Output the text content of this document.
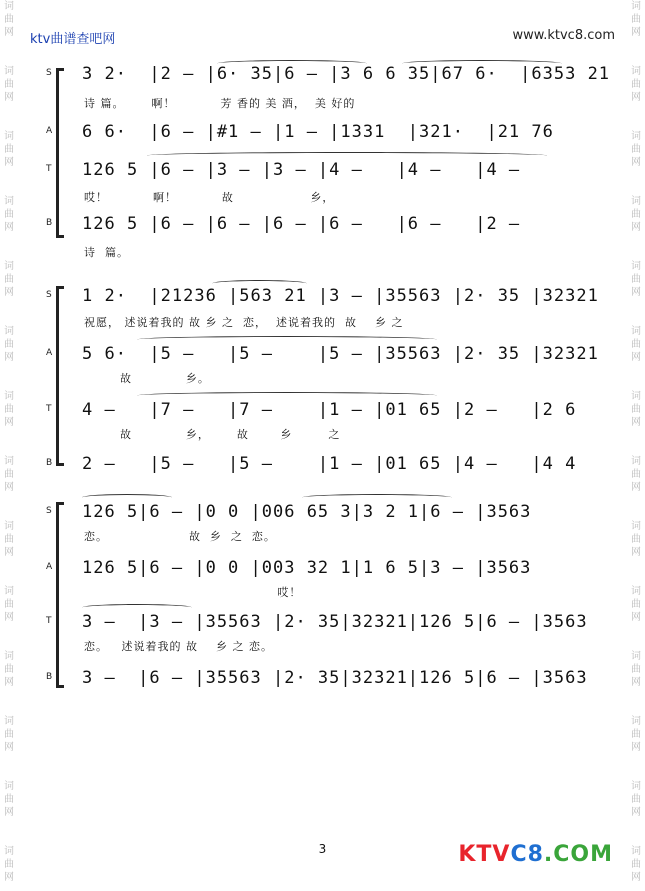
ktv曲谱查吧网	www.ktvc8.com
词
曲
网

词
曲
网

词
曲
网

词
曲
网

词
曲
网

词
曲
网

词
曲
网

词
曲
网

词
曲
网

词
曲
网

词
曲
网

词
曲
网

词
曲
网

词
曲
网
词
曲
网

词
曲
网

词
曲
网

词
曲
网

词
曲
网

词
曲
网

词
曲
网

词
曲
网

词
曲
网

词
曲
网

词
曲
网

词
曲
网

词
曲
网

词
曲
网
S 3 2·  |2 — |6· 35|6 — |3 6 6 35|67 6·  |6353 21
诗 篇。      啊！          芳 香的 美 酒，  美 好的
A 6 6·  |6 — |#1 — |1 — |1331  |321·  |21 76
T 126 5 |6 — |3 — |3 — |4 —   |4 —   |4 —
哎！          啊！          故                 乡，
B 126 5 |6 — |6 — |6 — |6 —   |6 —   |2 —
诗  篇。
S 1 2·  |21236 |563 21 |3 — |35563 |2· 35 |32321
祝愿， 述说着我的 故 乡 之  恋，  述说着我的  故    乡 之
A 5 6·  |5 —   |5 —    |5 — |35563 |2· 35 |32321
故            乡。
T 4 —   |7 —   |7 —    |1 — |01 65 |2 —   |2 6
故            乡，      故       乡        之
B 2 —   |5 —   |5 —    |1 — |01 65 |4 —   |4 4
S 126 5|6 — |0 0 |006 65 3|3 2 1|6 — |3563
恋。                  故  乡  之  恋。
A 126 5|6 — |0 0 |003 32 1|1 6 5|3 — |3563
哎！
T 3 —  |3 — |35563 |2· 35|32321|126 5|6 — |3563
恋。   述说着我的 故    乡 之 恋。
B 3 —  |6 — |35563 |2· 35|32321|126 5|6 — |3563
3	KTVC8.COM
